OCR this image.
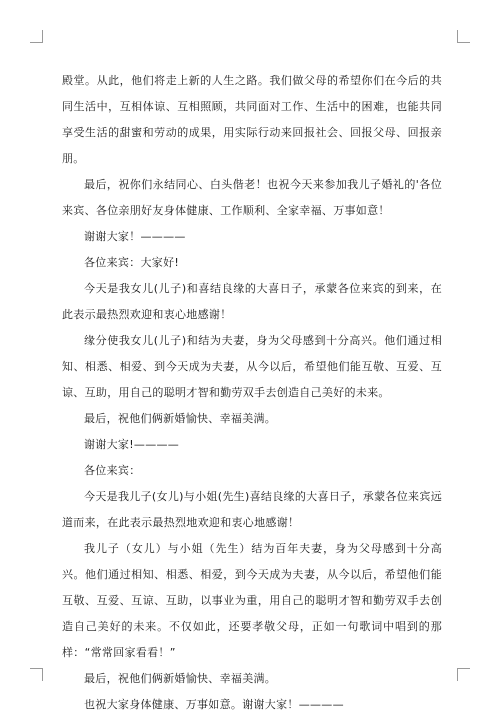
殿堂。从此，他们将走上新的人生之路。我们做父母的希望你们在今后的共同生活中，互相体谅、互相照顾，共同面对工作、生活中的困难，也能共同享受生活的甜蜜和劳动的成果，用实际行动来回报社会、回报父母、回报亲朋。

最后，祝你们永结同心、白头偕老！也祝今天来参加我儿子婚礼的'各位来宾、各位亲朋好友身体健康、工作顺利、全家幸福、万事如意！

谢谢大家！————

各位来宾：大家好!

今天是我女儿(儿子)和喜结良缘的大喜日子，承蒙各位来宾的到来，在此表示最热烈欢迎和衷心地感谢！

缘分使我女儿(儿子)和结为夫妻，身为父母感到十分高兴。他们通过相知、相悉、相爱、到今天成为夫妻，从今以后，希望他们能互敬、互爱、互谅、互助，用自己的聪明才智和勤劳双手去创造自己美好的未来。

最后，祝他们俩新婚愉快、幸福美满。

谢谢大家!————

各位来宾：

今天是我儿子(女儿)与小姐(先生)喜结良缘的大喜日子，承蒙各位来宾远道而来，在此表示最热烈地欢迎和衷心地感谢！

我儿子（女儿）与小姐（先生）结为百年夫妻，身为父母感到十分高兴。他们通过相知、相悉、相爱，到今天成为夫妻，从今以后，希望他们能互敬、互爱、互谅、互助，以事业为重，用自己的聪明才智和勤劳双手去创造自己美好的未来。不仅如此，还要孝敬父母，正如一句歌词中唱到的那样：“常常回家看看！”

最后，祝他们俩新婚愉快、幸福美满。

也祝大家身体健康、万事如意。谢谢大家！————
